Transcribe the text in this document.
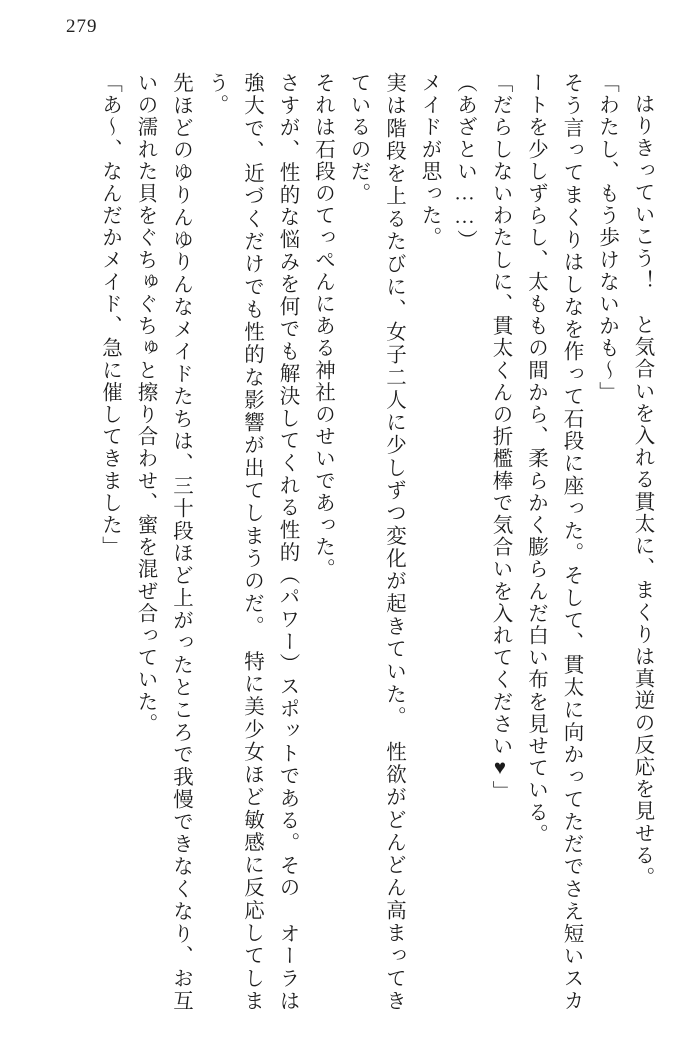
279

はりきっていこう！　と気合いを入れる貫太に、まくりは真逆の反応を見せる。

「わたし、もう歩けないかも〜」

そう言ってまくりはしなを作って石段に座った。そして、貫太に向かってただでさえ短いスカートを少しずらし、太ももの間から、柔らかく膨らんだ白い布を見せている。

「だらしないわたしに、貫太くんの折檻棒で気合いを入れてください♥」

（あざとい……）

メイドが思った。

実は階段を上るたびに、女子二人に少しずつ変化が起きていた。　性欲がどんどん高まってきているのだ。

それは石段のてっぺんにある神社のせいであった。

さすが、性的な悩みを何でも解決してくれる性的（パワー）スポットである。その オーラは強大で、近づくだけでも性的な影響が出てしまうのだ。　特に美少女ほど敏感に反応してしまう。

先ほどのゆりんゆりんなメイドたちは、三十段ほど上がったところで我慢できなくなり、お互いの濡れた貝をぐちゅぐちゅと擦り合わせ、蜜を混ぜ合っていた。

「あ〜、なんだかメイド、急に催してきました」
